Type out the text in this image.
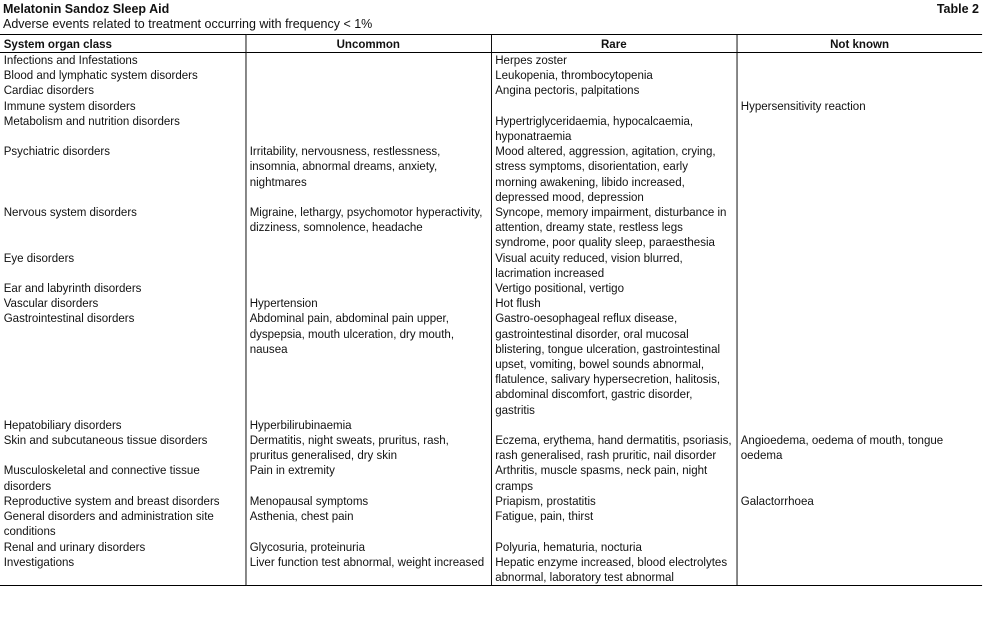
Melatonin Sandoz Sleep Aid	Table 2
Adverse events related to treatment occurring with frequency < 1%
System organ class	Uncommon	Rare	Not known
Infections and Infestations		Herpes zoster	
Blood and lymphatic system disorders		Leukopenia, thrombocytopenia	
Cardiac disorders		Angina pectoris, palpitations	
Immune system disorders			Hypersensitivity reaction
Metabolism and nutrition disorders		Hypertriglyceridaemia, hypocalcaemia, hyponatraemia	
Psychiatric disorders	Irritability, nervousness, restlessness, insomnia, abnormal dreams, anxiety, nightmares	Mood altered, aggression, agitation, crying, stress symptoms, disorientation, early morning awakening, libido increased, depressed mood, depression	
Nervous system disorders	Migraine, lethargy, psychomotor hyperactivity, dizziness, somnolence, headache	Syncope, memory impairment, disturbance in attention, dreamy state, restless legs syndrome, poor quality sleep, paraesthesia	
Eye disorders		Visual acuity reduced, vision blurred, lacrimation increased	
Ear and labyrinth disorders		Vertigo positional, vertigo	
Vascular disorders	Hypertension	Hot flush	
Gastrointestinal disorders	Abdominal pain, abdominal pain upper, dyspepsia, mouth ulceration, dry mouth, nausea	Gastro-oesophageal reflux disease, gastrointestinal disorder, oral mucosal blistering, tongue ulceration, gastrointestinal upset, vomiting, bowel sounds abnormal, flatulence, salivary hypersecretion, halitosis, abdominal discomfort, gastric disorder, gastritis	
Hepatobiliary disorders	Hyperbilirubinaemia		
Skin and subcutaneous tissue disorders	Dermatitis, night sweats, pruritus, rash, pruritus generalised, dry skin	Eczema, erythema, hand dermatitis, psoriasis, rash generalised, rash pruritic, nail disorder	Angioedema, oedema of mouth, tongue oedema
Musculoskeletal and connective tissue disorders	Pain in extremity	Arthritis, muscle spasms, neck pain, night cramps	
Reproductive system and breast disorders	Menopausal symptoms	Priapism, prostatitis	Galactorrhoea
General disorders and administration site conditions	Asthenia, chest pain	Fatigue, pain, thirst	
Renal and urinary disorders	Glycosuria, proteinuria	Polyuria, hematuria, nocturia	
Investigations	Liver function test abnormal, weight increased	Hepatic enzyme increased, blood electrolytes abnormal, laboratory test abnormal	
